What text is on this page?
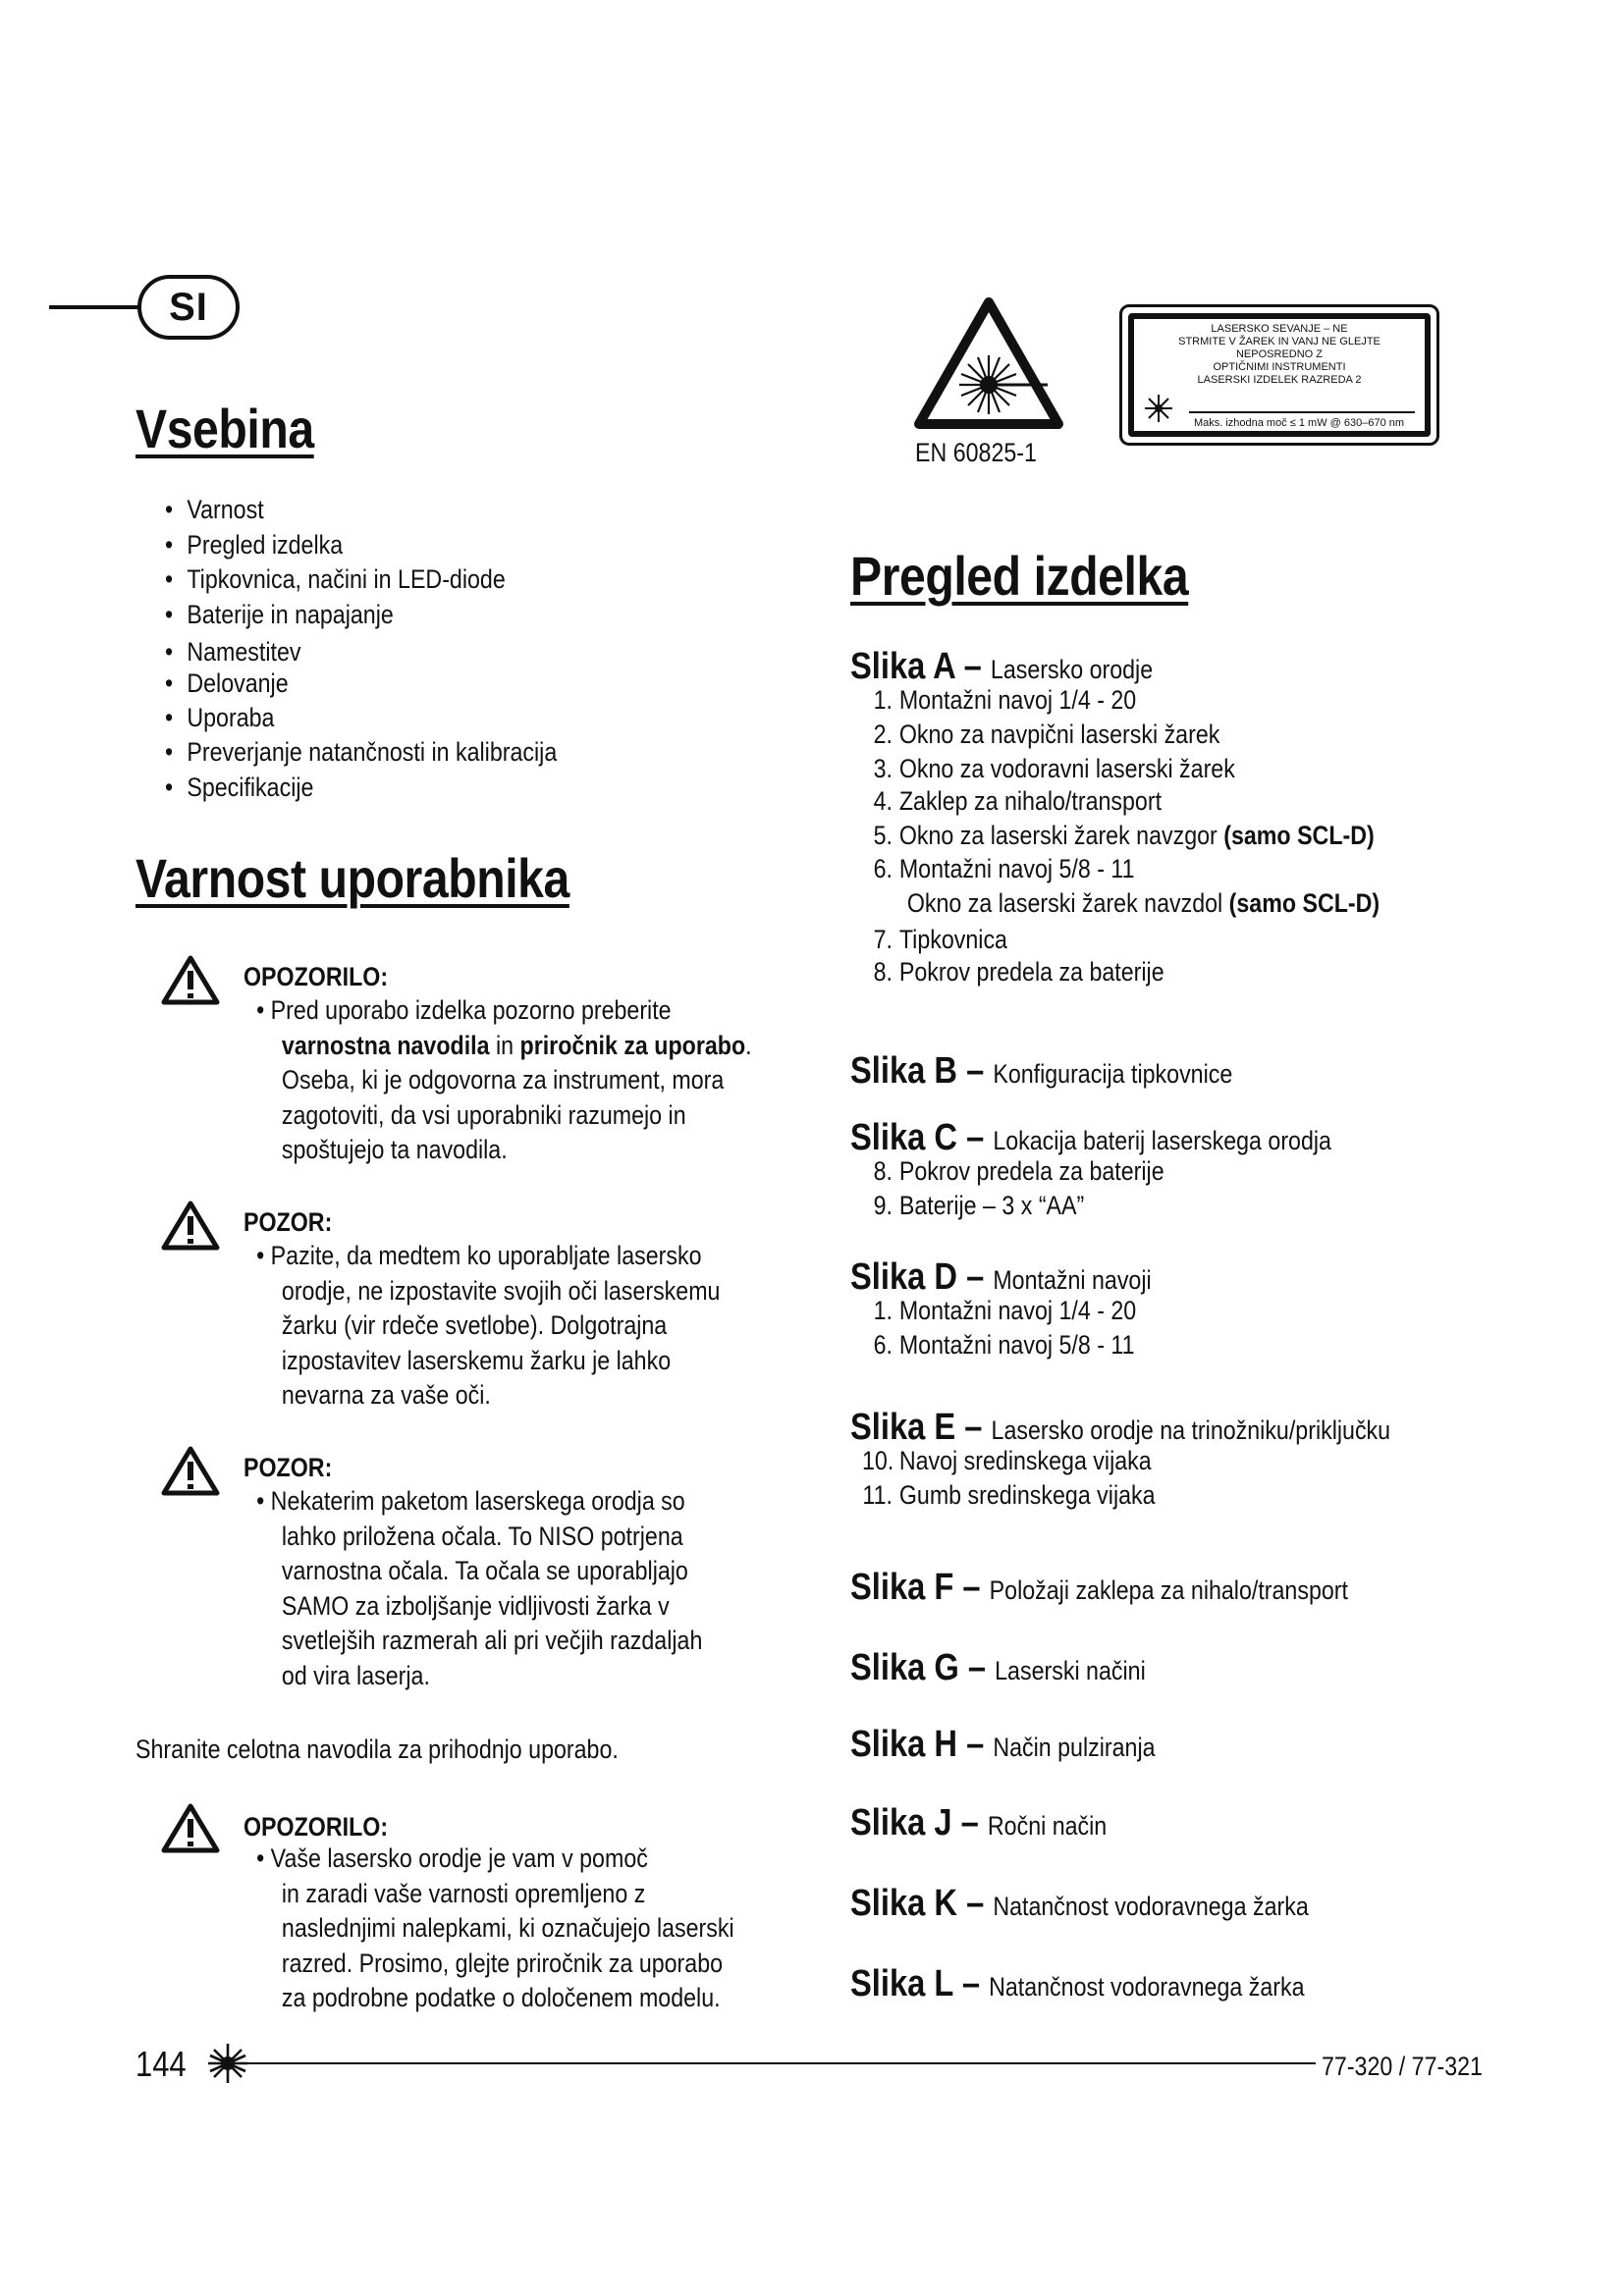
SI
Vsebina
• Varnost
• Pregled izdelka
• Tipkovnica, načini in LED-diode
• Baterije in napajanje
• Namestitev
• Delovanje
• Uporaba
• Preverjanje natančnosti in kalibracija
• Specifikacije
Varnost uporabnika
OPOZORILO:
• Pred uporabo izdelka pozorno preberite
varnostna navodila in priročnik za uporabo.
Oseba, ki je odgovorna za instrument, mora
zagotoviti, da vsi uporabniki razumejo in
spoštujejo ta navodila.
POZOR:
• Pazite, da medtem ko uporabljate lasersko
orodje, ne izpostavite svojih oči laserskemu
žarku (vir rdeče svetlobe). Dolgotrajna
izpostavitev laserskemu žarku je lahko
nevarna za vaše oči.
POZOR:
• Nekaterim paketom laserskega orodja so
lahko priložena očala. To NISO potrjena
varnostna očala. Ta očala se uporabljajo
SAMO za izboljšanje vidljivosti žarka v
svetlejših razmerah ali pri večjih razdaljah
od vira laserja.
Shranite celotna navodila za prihodnjo uporabo.
OPOZORILO:
• Vaše lasersko orodje je vam v pomoč
in zaradi vaše varnosti opremljeno z
naslednjimi nalepkami, ki označujejo laserski
razred. Prosimo, glejte priročnik za uporabo
za podrobne podatke o določenem modelu.
EN 60825-1
LASERSKO SEVANJE – NE
STRMITE V ŽAREK IN VANJ NE GLEJTE
NEPOSREDNO Z
OPTIČNIMI INSTRUMENTI
LASERSKI IZDELEK RAZREDA 2
Maks. izhodna moč ≤ 1 mW @ 630–670 nm
Pregled izdelka
Slika A – Lasersko orodje
1. Montažni navoj 1/4 - 20
2. Okno za navpični laserski žarek
3. Okno za vodoravni laserski žarek
4. Zaklep za nihalo/transport
5. Okno za laserski žarek navzgor (samo SCL-D)
6. Montažni navoj 5/8 - 11
Okno za laserski žarek navzdol (samo SCL-D)
7. Tipkovnica
8. Pokrov predela za baterije
Slika B – Konfiguracija tipkovnice
Slika C – Lokacija baterij laserskega orodja
8. Pokrov predela za baterije
9. Baterije – 3 x “AA”
Slika D – Montažni navoji
1. Montažni navoj 1/4 - 20
6. Montažni navoj 5/8 - 11
Slika E – Lasersko orodje na trinožniku/priključku
10. Navoj sredinskega vijaka
11. Gumb sredinskega vijaka
Slika F – Položaji zaklepa za nihalo/transport
Slika G – Laserski načini
Slika H – Način pulziranja
Slika J – Ročni način
Slika K – Natančnost vodoravnega žarka
Slika L – Natančnost vodoravnega žarka
144	77-320 / 77-321
